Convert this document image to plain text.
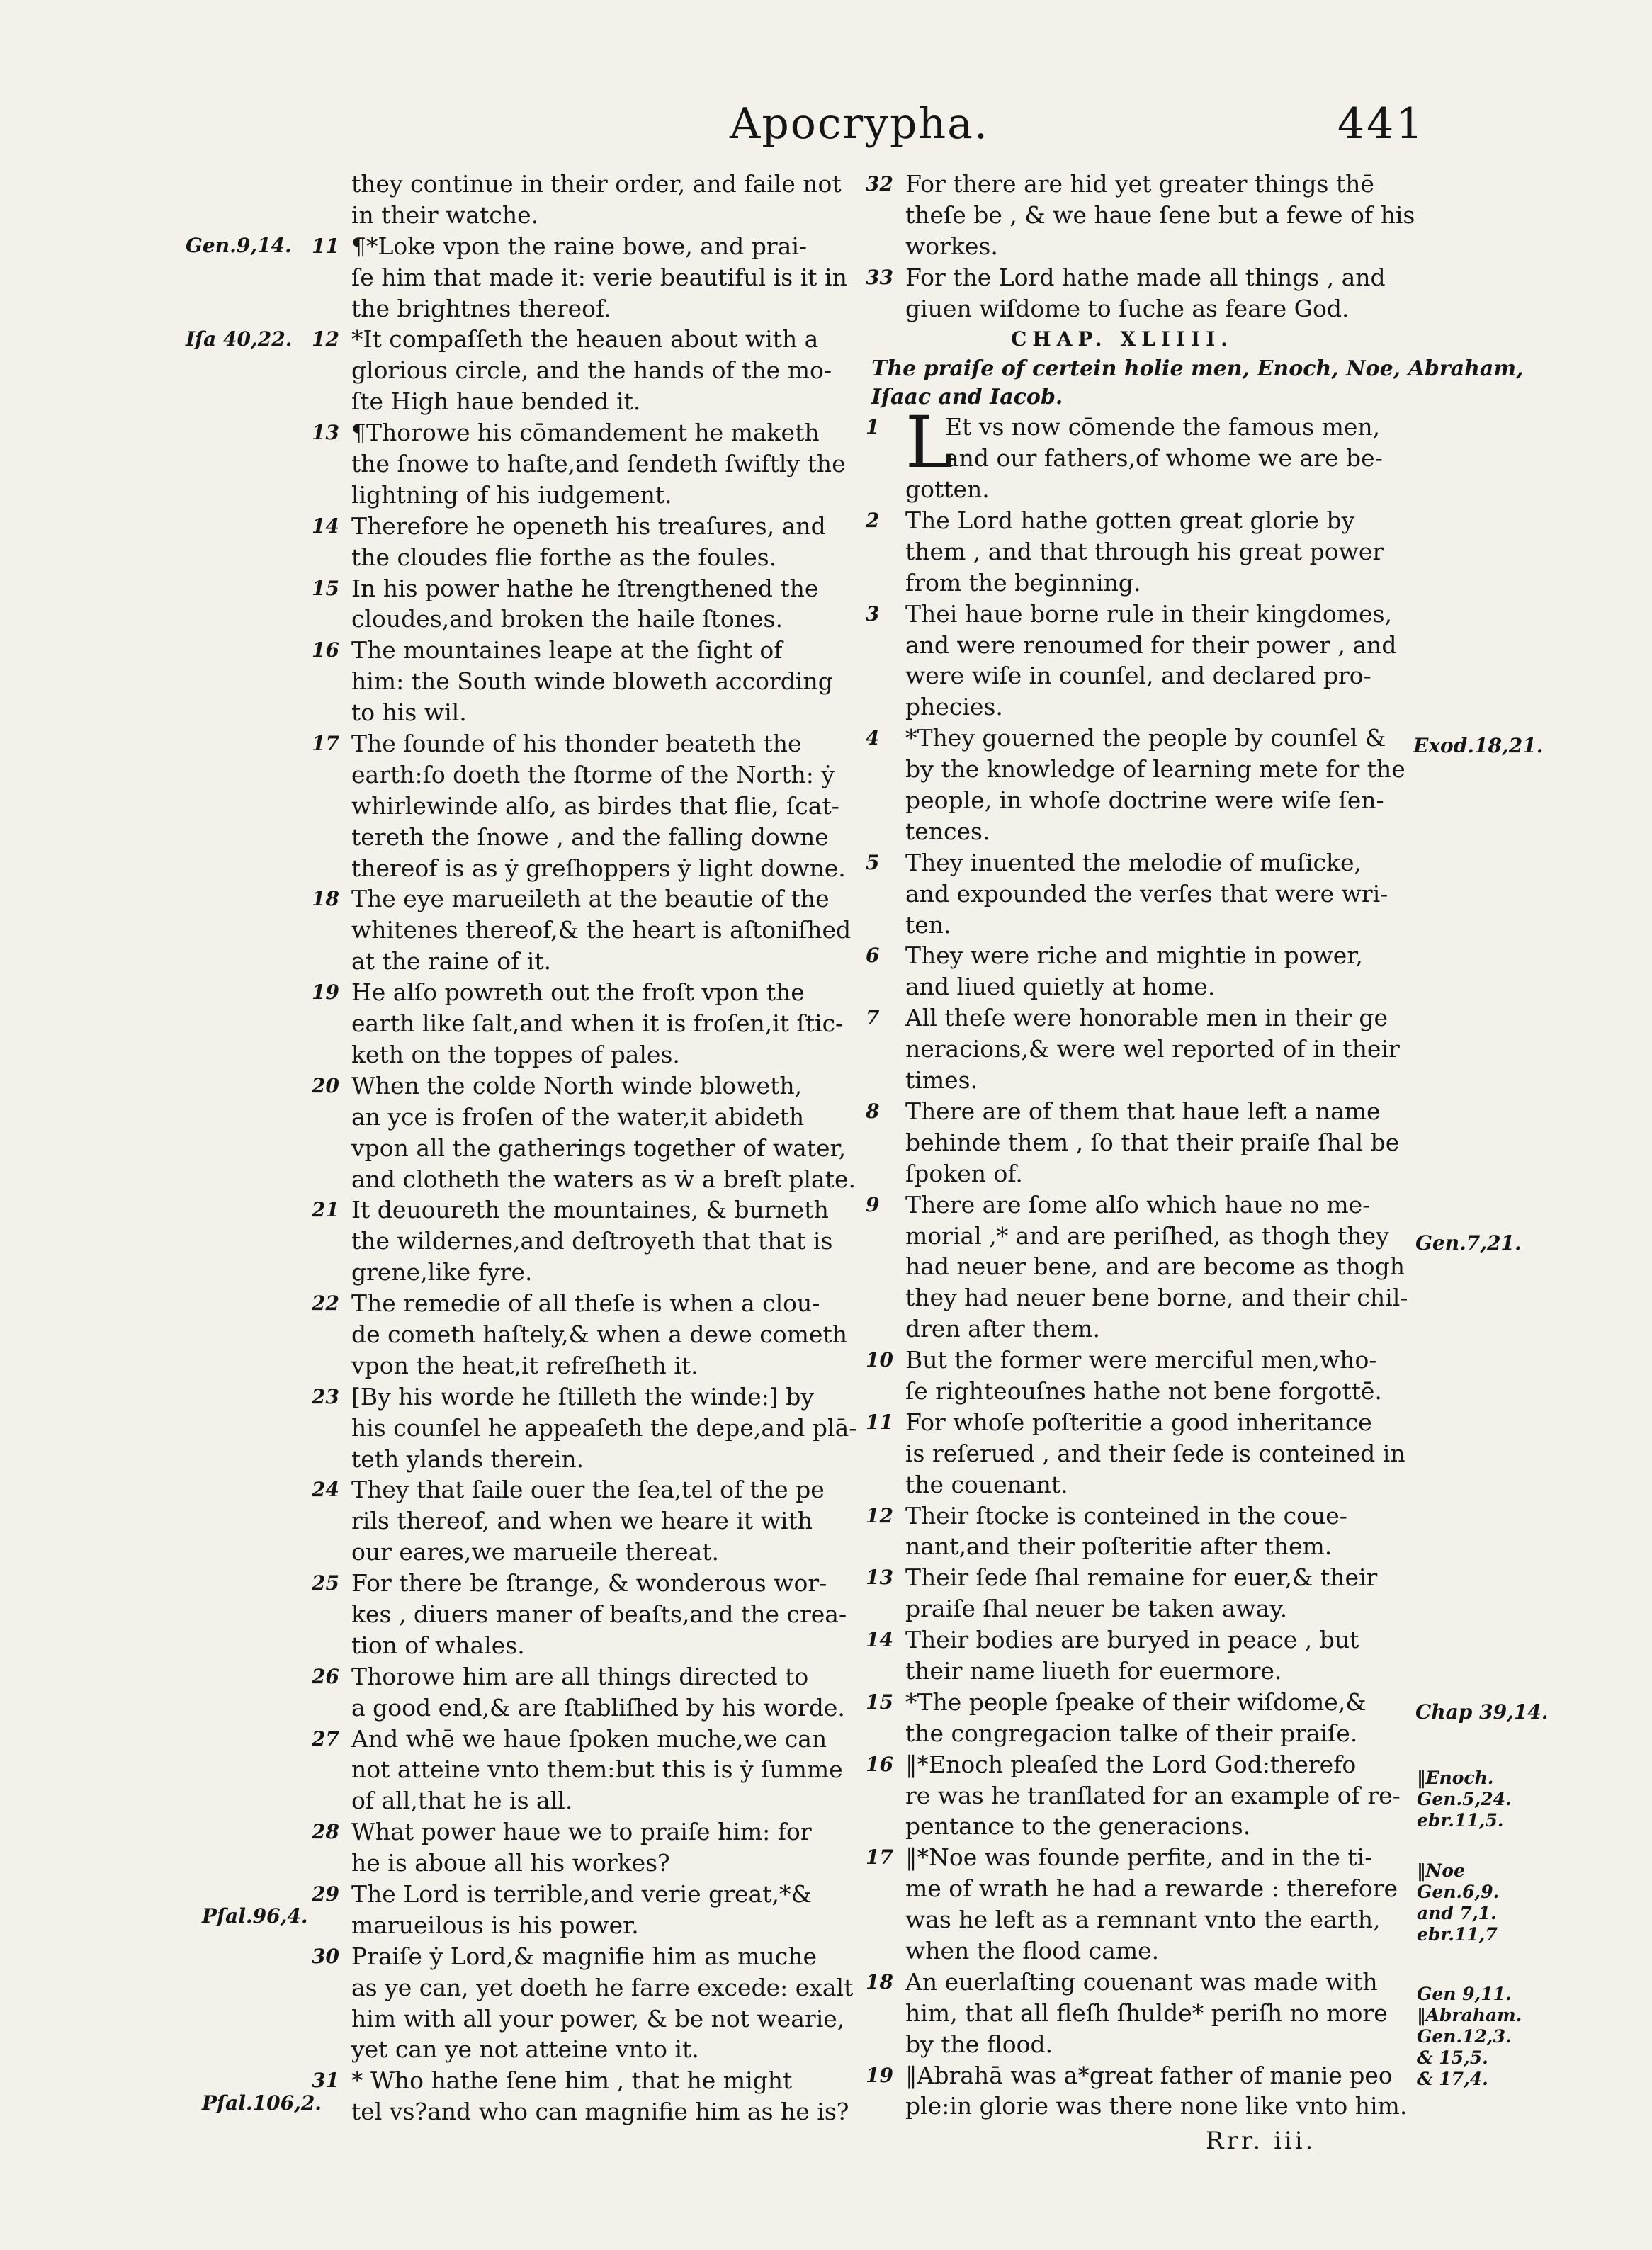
Apocrypha.	441
they continue in their order, and faile not
in their watche.
11 ¶*Loke vpon the raine bowe, and prai-
ſe him that made it: verie beautiful is it in
the brightnes thereof.
12 *It compaſſeth the heauen about with a
glorious circle, and the hands of the mo-
ſte High haue bended it.
13 ¶Thorowe his cōmandement he maketh
the ſnowe to haſte,and ſendeth ſwiftly the
lightning of his iudgement.
14 Therefore he openeth his treaſures, and
the cloudes flie forthe as the foules.
15 In his power hathe he ſtrengthened the
cloudes,and broken the haile ſtones.
16 The mountaines leape at the ſight of
him: the South winde bloweth according
to his wil.
17 The ſounde of his thonder beateth the
earth:ſo doeth the ſtorme of the North: ẏ
whirlewinde alſo, as birdes that flie, ſcat-
tereth the ſnowe , and the falling downe
thereof is as ẏ greſhoppers ẏ light downe.
18 The eye marueileth at the beautie of the
whitenes thereof,& the heart is aſtoniſhed
at the raine of it.
19 He alſo powreth out the froſt vpon the
earth like ſalt,and when it is froſen,it ſtic-
keth on the toppes of pales.
20 When the colde North winde bloweth,
an yce is froſen of the water,it abideth
vpon all the gatherings together of water,
and clotheth the waters as ẇ a breſt plate.
21 It deuoureth the mountaines, & burneth
the wildernes,and deſtroyeth that that is
grene,like fyre.
22 The remedie of all theſe is when a clou-
de cometh haſtely,& when a dewe cometh
vpon the heat,it refreſheth it.
23 [By his worde he ſtilleth the winde:] by
his counſel he appeaſeth the depe,and plā-
teth ylands therein.
24 They that ſaile ouer the ſea,tel of the pe
rils thereof, and when we heare it with
our eares,we marueile thereat.
25 For there be ſtrange, & wonderous wor-
kes , diuers maner of beaſts,and the crea-
tion of whales.
26 Thorowe him are all things directed to
a good end,& are ſtabliſhed by his worde.
27 And whē we haue ſpoken muche,we can
not atteine vnto them:but this is ẏ ſumme
of all,that he is all.
28 What power haue we to praiſe him: for
he is aboue all his workes?
29 The Lord is terrible,and verie great,*&
marueilous is his power.
30 Praiſe ẏ Lord,& magnifie him as muche
as ye can, yet doeth he farre excede: exalt
him with all your power, & be not wearie,
yet can ye not atteine vnto it.
31 * Who hathe ſene him , that he might
tel vs?and who can magnifie him as he is?
32 For there are hid yet greater things thē
theſe be , & we haue ſene but a fewe of his
workes.
33 For the Lord hathe made all things , and
giuen wiſdome to ſuche as feare God.
CHAP. XLIIII.
The praiſe of certein holie men, Enoch, Noe, Abraham,
Iſaac and Iacob.
1 L
Et vs now cōmende the famous men,
and our fathers,of whome we are be-
gotten.
2	The Lord hathe gotten great glorie by
them , and that through his great power
from the beginning.
3	Thei haue borne rule in their kingdomes,
and were renoumed for their power , and
were wiſe in counſel, and declared pro-
phecies.
4	*They gouerned the people by counſel &
by the knowledge of learning mete for the
people, in whoſe doctrine were wiſe ſen-
tences.
5	They inuented the melodie of muſicke,
and expounded the verſes that were wri-
ten.
6	They were riche and mightie in power,
and liued quietly at home.
7	All theſe were honorable men in their ge
neracions,& were wel reported of in their
times.
8	There are of them that haue left a name
behinde them , ſo that their praiſe ſhal be
ſpoken of.
9	There are ſome alſo which haue no me-
morial ,* and are periſhed, as thogh they
had neuer bene, and are become as thogh
they had neuer bene borne, and their chil-
dren after them.
10 But the former were merciful men,who-
ſe righteouſnes hathe not bene forgottē.
11 For whoſe poſteritie a good inheritance
is reſerued , and their ſede is conteined in
the couenant.
12 Their ſtocke is conteined in the coue-
nant,and their poſteritie after them.
13 Their ſede ſhal remaine for euer,& their
praiſe ſhal neuer be taken away.
14 Their bodies are buryed in peace , but
their name liueth for euermore.
15 *The people ſpeake of their wiſdome,&
the congregacion talke of their praiſe.
16 ‖*Enoch pleaſed the Lord God:therefo
re was he tranſlated for an example of re-
pentance to the generacions.
17 ‖*Noe was founde perfite, and in the ti-
me of wrath he had a rewarde : therefore
was he left as a remnant vnto the earth,
when the flood came.
18 An euerlaſting couenant was made with
him, that all fleſh ſhulde* periſh no more
by the flood.
19 ‖Abrahā was a*great father of manie peo
ple:in glorie was there none like vnto him.
Rrr. iii.
Gen.9,14.
Iſa 40,22.
Pſal.96,4.
Pſal.106,2.
Exod.18,21.
Gen.7,21.
Chap 39,14.
‖Enoch.
Gen.5,24.
ebr.11,5.
‖Noe
Gen.6,9.
and 7,1.
ebr.11,7
Gen 9,11.
‖Abraham.
Gen.12,3.
& 15,5.
& 17,4.
